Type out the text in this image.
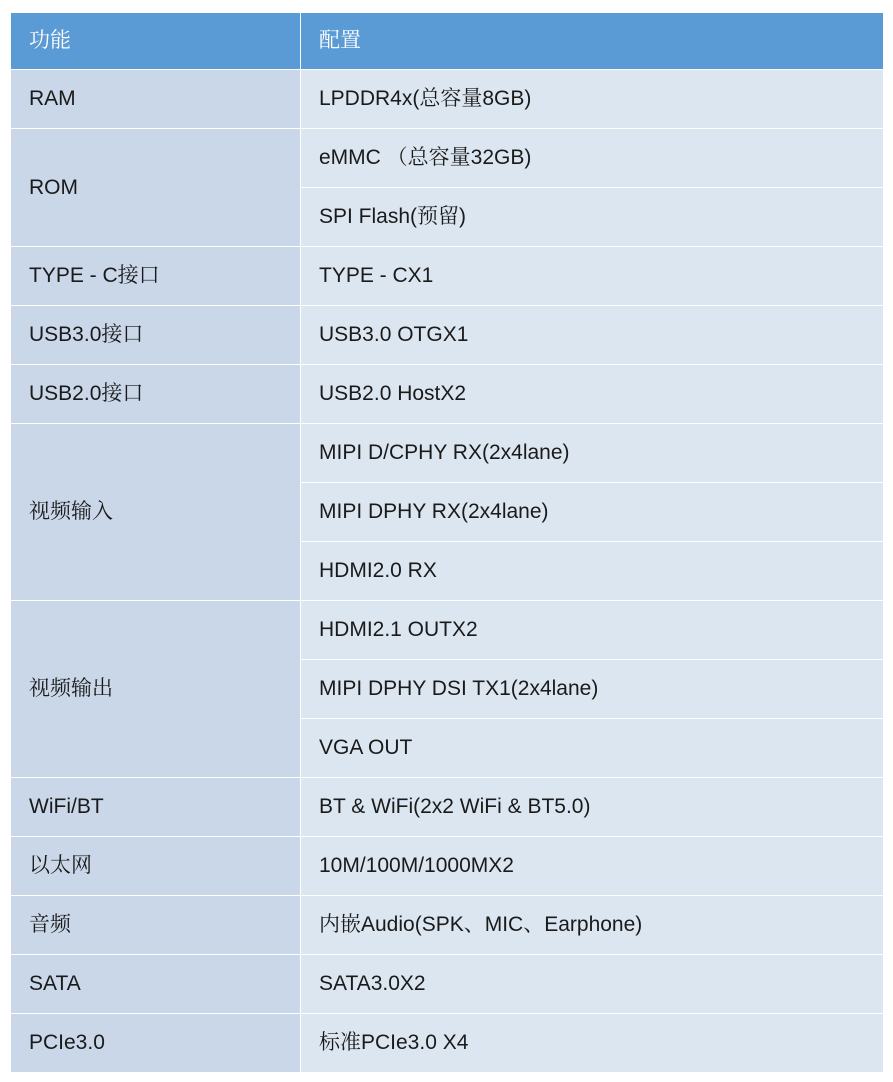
功能	配置
RAM	LPDDR4x(总容量8GB)
ROM	eMMC （总容量32GB)
	SPI Flash(预留)
TYPE - C接口	TYPE - CX1
USB3.0接口	USB3.0 OTGX1
USB2.0接口	USB2.0 HostX2
视频输入	MIPI D/CPHY RX(2x4lane)
	MIPI DPHY RX(2x4lane)
	HDMI2.0 RX
视频输出	HDMI2.1 OUTX2
	MIPI DPHY DSI TX1(2x4lane)
	VGA OUT
WiFi/BT	BT & WiFi(2x2 WiFi & BT5.0)
以太网	10M/100M/1000MX2
音频	内嵌Audio(SPK、MIC、Earphone)
SATA	SATA3.0X2
PCIe3.0	标准PCIe3.0 X4
